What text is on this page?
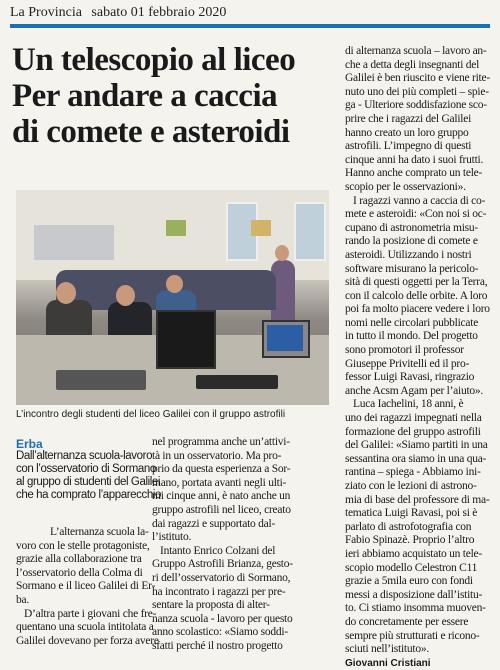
La Provincia sabato 01 febbraio 2020
Un telescopio al liceo
Per andare a caccia
di comete e asteroidi
L’incontro degli studenti del liceo Galilei con il gruppo astrofili
Erba
Dall’alternanza scuola-lavoro
con l’osservatorio di Sormano
al gruppo di studenti del Galilei
che ha comprato l’apparecchio
L’alternanza scuola la-
voro con le stelle protagoniste,
grazie alla collaborazione tra
l’osservatorio della Colma di
Sormano e il liceo Galilei di Er-
ba.
D’altra parte i giovani che fre-
quentano una scuola intitolata a
Galilei dovevano per forza avere
nel programma anche un’attivi-
tà in un osservatorio. Ma pro-
prio da questa esperienza a Sor-
mano, portata avanti negli ulti-
mi cinque anni, è nato anche un
gruppo astrofili nel liceo, creato
dai ragazzi e supportato dal-
l’istituto.
Intanto Enrico Colzani del
Gruppo Astrofili Brianza, gesto-
ri dell’osservatorio di Sormano,
ha incontrato i ragazzi per pre-
sentare la proposta di alter-
nanza scuola - lavoro per questo
anno scolastico: «Siamo soddi-
sfatti perché il nostro progetto
di alternanza scuola – lavoro an-
che a detta degli insegnanti del
Galilei è ben riuscito e viene rite-
nuto uno dei più completi – spie-
ga - Ulteriore soddisfazione sco-
prire che i ragazzi del Galilei
hanno creato un loro gruppo
astrofili. L’impegno di questi
cinque anni ha dato i suoi frutti.
Hanno anche comprato un tele-
scopio per le osservazioni».
I ragazzi vanno a caccia di co-
mete e asteroidi: «Con noi si oc-
cupano di astronometria misu-
rando la posizione di comete e
asteroidi. Utilizzando i nostri
software misurano la pericolo-
sità di questi oggetti per la Terra,
con il calcolo delle orbite. A loro
poi fa molto piacere vedere i loro
nomi nelle circolari pubblicate
in tutto il mondo. Del progetto
sono promotori il professor
Giuseppe Privitelli ed il pro-
fessor Luigi Ravasi, ringrazio
anche Acsm Agam per l’aiuto».
Luca Iachelini, 18 anni, è
uno dei ragazzi impegnati nella
formazione del gruppo astrofili
del Galilei: «Siamo partiti in una
sessantina ora siamo in una qua-
rantina – spiega - Abbiamo ini-
ziato con le lezioni di astrono-
mia di base del professore di ma-
tematica Luigi Ravasi, poi si è
parlato di astrofotografia con
Fabio Spinazè. Proprio l’altro
ieri abbiamo acquistato un tele-
scopio modello Celestron C11
grazie a 5mila euro con fondi
messi a disposizione dall’istitu-
to. Ci stiamo insomma muoven-
do concretamente per essere
sempre più strutturati e ricono-
sciuti nell’istituto».
Giovanni Cristiani
